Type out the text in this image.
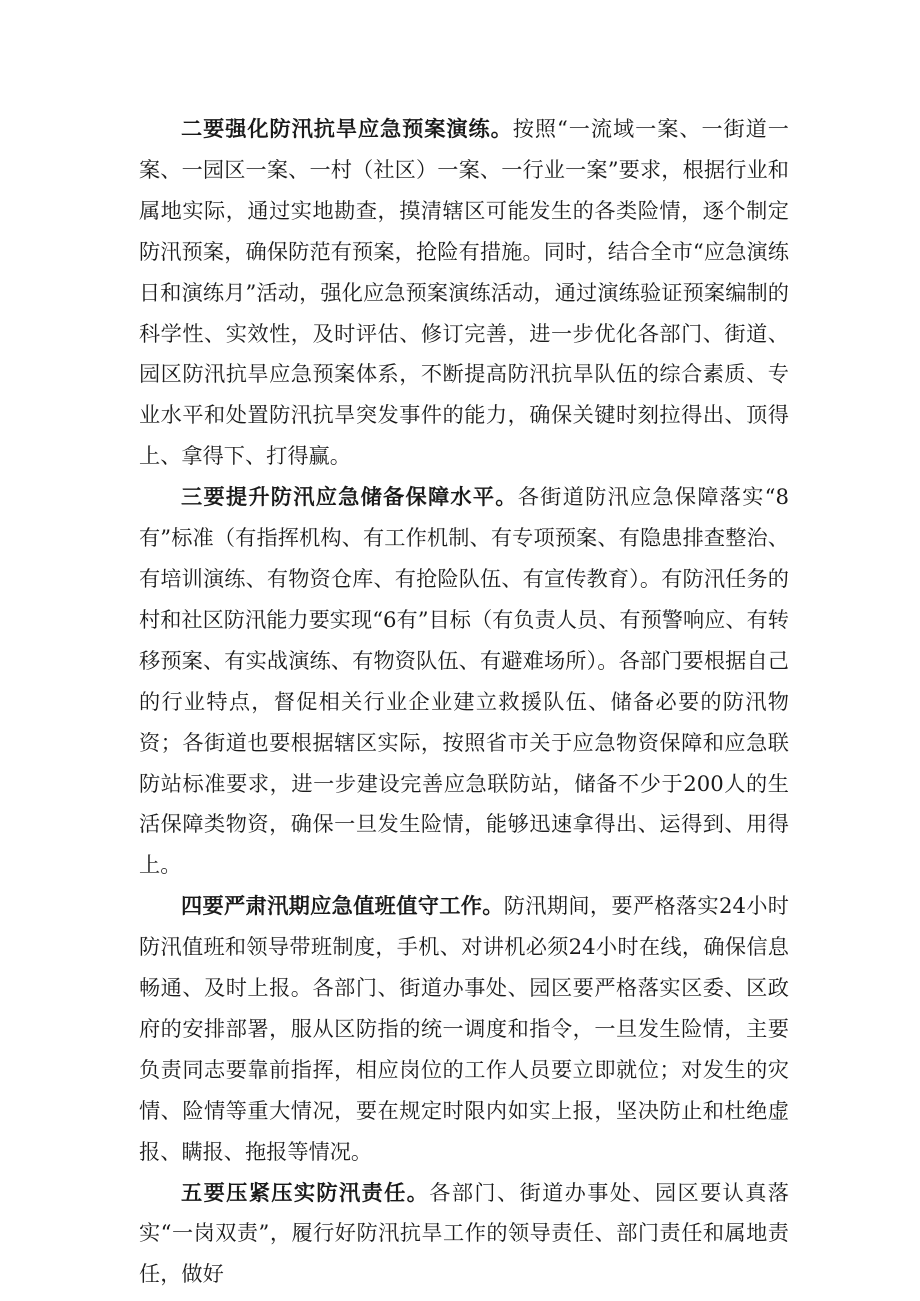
二要强化防汛抗旱应急预案演练。按照“一流域一案、一街道一案、一园区一案、一村（社区）一案、一行业一案”要求，根据行业和属地实际，通过实地勘查，摸清辖区可能发生的各类险情，逐个制定防汛预案，确保防范有预案，抢险有措施。同时，结合全市“应急演练日和演练月”活动，强化应急预案演练活动，通过演练验证预案编制的科学性、实效性，及时评估、修订完善，进一步优化各部门、街道、园区防汛抗旱应急预案体系，不断提高防汛抗旱队伍的综合素质、专业水平和处置防汛抗旱突发事件的能力，确保关键时刻拉得出、顶得上、拿得下、打得赢。

三要提升防汛应急储备保障水平。各街道防汛应急保障落实“8有”标准（有指挥机构、有工作机制、有专项预案、有隐患排查整治、有培训演练、有物资仓库、有抢险队伍、有宣传教育）。有防汛任务的村和社区防汛能力要实现“6有”目标（有负责人员、有预警响应、有转移预案、有实战演练、有物资队伍、有避难场所）。各部门要根据自己的行业特点，督促相关行业企业建立救援队伍、储备必要的防汛物资；各街道也要根据辖区实际，按照省市关于应急物资保障和应急联防站标准要求，进一步建设完善应急联防站，储备不少于200人的生活保障类物资，确保一旦发生险情，能够迅速拿得出、运得到、用得上。

四要严肃汛期应急值班值守工作。防汛期间，要严格落实24小时防汛值班和领导带班制度，手机、对讲机必须24小时在线，确保信息畅通、及时上报。各部门、街道办事处、园区要严格落实区委、区政府的安排部署，服从区防指的统一调度和指令，一旦发生险情，主要负责同志要靠前指挥，相应岗位的工作人员要立即就位；对发生的灾情、险情等重大情况，要在规定时限内如实上报，坚决防止和杜绝虚报、瞒报、拖报等情况。

五要压紧压实防汛责任。各部门、街道办事处、园区要认真落实“一岗双责”，履行好防汛抗旱工作的领导责任、部门责任和属地责任，做好
